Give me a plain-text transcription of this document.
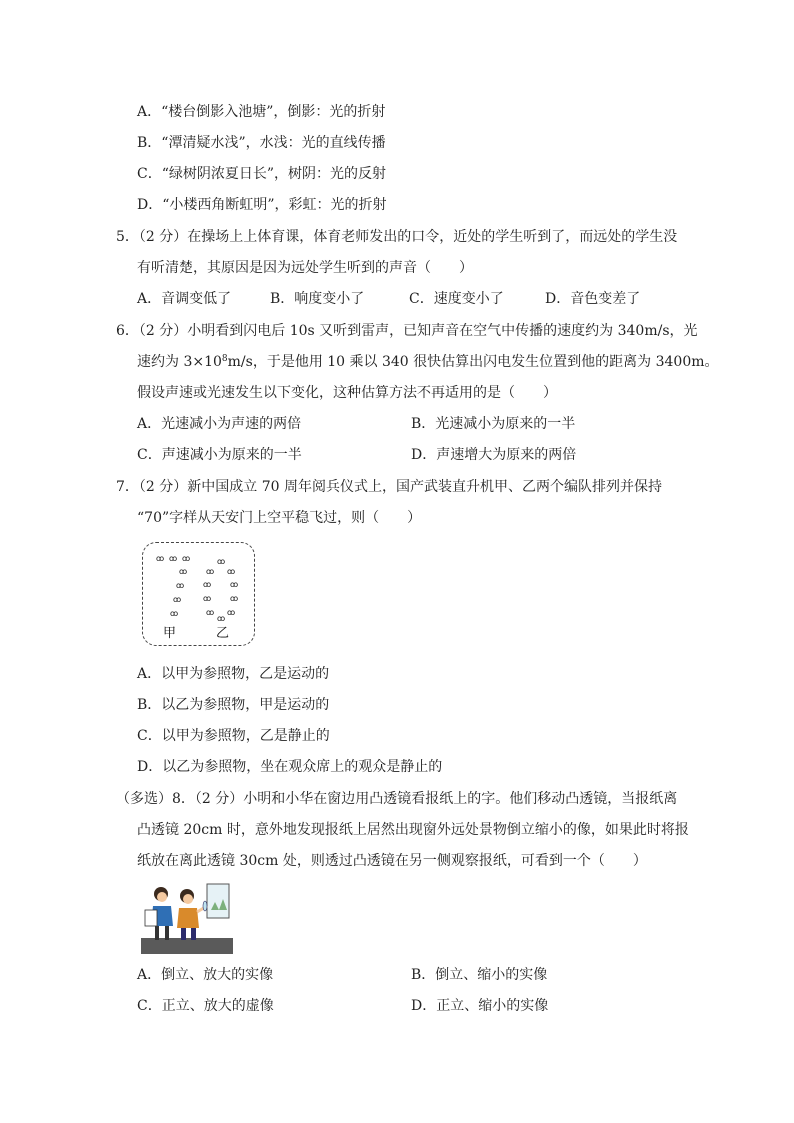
A．“楼台倒影入池塘”，倒影：光的折射
B．“潭清疑水浅”，水浅：光的直线传播
C．“绿树阴浓夏日长”，树阴：光的反射
D．“小楼西角断虹明”，彩虹：光的折射
5．（2 分）在操场上上体育课，体育老师发出的口令，近处的学生听到了，而远处的学生没
有听清楚，其原因是因为远处学生听到的声音（　　）
A．音调变低了	B．响度变小了	C．速度变小了	D．音色变差了
6．（2 分）小明看到闪电后 10s 又听到雷声，已知声音在空气中传播的速度约为 340m/s，光
速约为 $3\times 10^8m/s$，于是他用 10 乘以 340 很快估算出闪电发生位置到他的距离为 3400m。
假设声速或光速发生以下变化，这种估算方法不再适用的是（　　）
A．光速减小为声速的两倍	B．光速减小为原来的一半
C．声速减小为原来的一半	D．声速增大为原来的两倍
7．（2 分）新中国成立 70 周年阅兵仪式上，国产武装直升机甲、乙两个编队排列并保持
“70”字样从天安门上空平稳飞过，则（　　）
ꝏ ꝏ ꝏ
ꝏ
ꝏ
ꝏ
ꝏ
ꝏ
ꝏ ꝏ
ꝏ ꝏ
ꝏ ꝏ
ꝏ ꝏ
ꝏ
甲	乙
A．以甲为参照物，乙是运动的
B．以乙为参照物，甲是运动的
C．以甲为参照物，乙是静止的
D．以乙为参照物，坐在观众席上的观众是静止的
（多选）8．（2 分）小明和小华在窗边用凸透镜看报纸上的字。他们移动凸透镜，当报纸离
凸透镜 20cm 时，意外地发现报纸上居然出现窗外远处景物倒立缩小的像，如果此时将报
纸放在离此透镜 30cm 处，则透过凸透镜在另一侧观察报纸，可看到一个（　　）
A．倒立、放大的实像	B．倒立、缩小的实像
C．正立、放大的虚像	D．正立、缩小的实像
